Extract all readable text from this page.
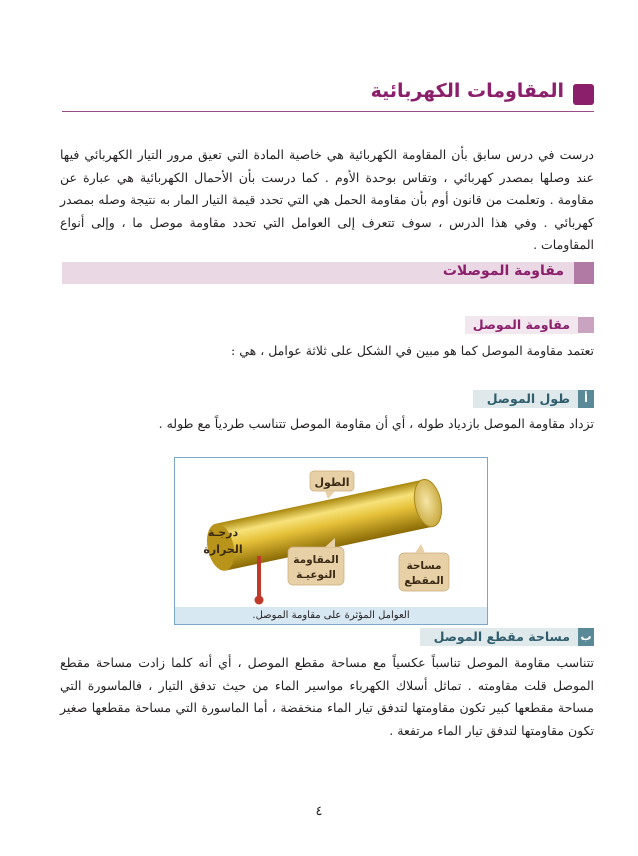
المقاومات الكهربائية
درست في درس سابق بأن المقاومة الكهربائية هي خاصية المادة التي تعيق مرور التيار الكهربائي فيها عند وصلها بمصدر كهربائي ، وتقاس بوحدة الأوم . كما درست بأن الأحمال الكهربائية هي عبارة عن مقاومة . وتعلمت من قانون أوم بأن مقاومة الحمل هي التي تحدد قيمة التيار المار به نتيجة وصله بمصدر كهربائي . وفي هذا الدرس ، سوف تتعرف إلى العوامل التي تحدد مقاومة موصل ما ، وإلى أنواع المقاومات .
مقاومة الموصلات
مقاومة الموصل
تعتمد مقاومة الموصل كما هو مبين في الشكل على ثلاثة عوامل ، هي :
أ
طول الموصل
تزداد مقاومة الموصل بازدياد طوله ، أي أن مقاومة الموصل تتناسب طردياً مع طوله .
الطول
درجـة
الحرارة
المقاومة
النوعيـة
مساحة
المقطع
العوامل المؤثرة على مقاومة الموصل.
ب
مساحة مقطع الموصل
تتناسب مقاومة الموصل تناسباً عكسياً مع مساحة مقطع الموصل ، أي أنه كلما زادت مساحة مقطع الموصل قلت مقاومته . تماثل أسلاك الكهرباء مواسير الماء من حيث تدفق التيار ، فالماسورة التي مساحة مقطعها كبير تكون مقاومتها لتدفق تيار الماء منخفضة ، أما الماسورة التي مساحة مقطعها صغير تكون مقاومتها لتدفق تيار الماء مرتفعة .
٤
